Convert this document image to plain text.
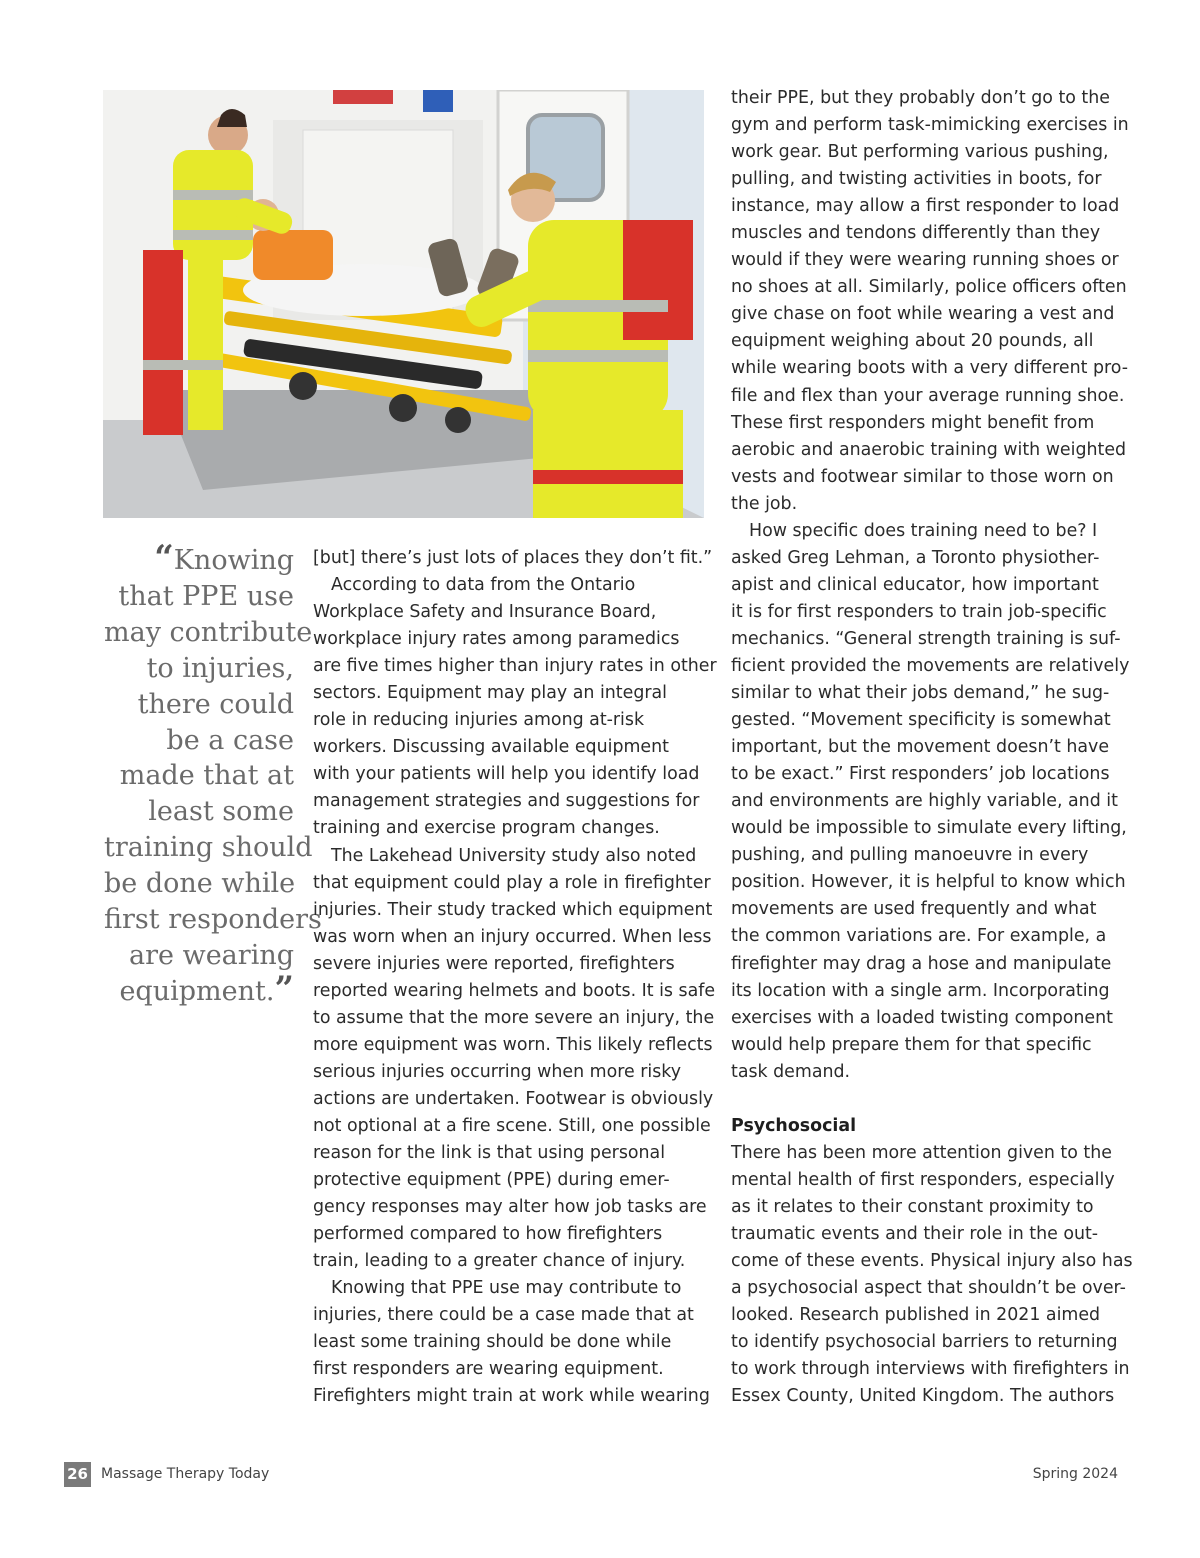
“Knowing
that PPE use
may contribute
to injuries,
there could
be a case
made that at
least some
training should
be done while
first responders
are wearing
equipment.”
[but] there’s just lots of places they don’t fit.”
According to data from the Ontario
Workplace Safety and Insurance Board,
workplace injury rates among paramedics
are five times higher than injury rates in other
sectors. Equipment may play an integral
role in reducing injuries among at-risk
workers. Discussing available equipment
with your patients will help you identify load
management strategies and suggestions for
training and exercise program changes.
The Lakehead University study also noted
that equipment could play a role in firefighter
injuries. Their study tracked which equipment
was worn when an injury occurred. When less
severe injuries were reported, firefighters
reported wearing helmets and boots. It is safe
to assume that the more severe an injury, the
more equipment was worn. This likely reflects
serious injuries occurring when more risky
actions are undertaken. Footwear is obviously
not optional at a fire scene. Still, one possible
reason for the link is that using personal
protective equipment (PPE) during emer-
gency responses may alter how job tasks are
performed compared to how firefighters
train, leading to a greater chance of injury.
Knowing that PPE use may contribute to
injuries, there could be a case made that at
least some training should be done while
first responders are wearing equipment.
Firefighters might train at work while wearing
their PPE, but they probably don’t go to the
gym and perform task-mimicking exercises in
work gear. But performing various pushing,
pulling, and twisting activities in boots, for
instance, may allow a first responder to load
muscles and tendons differently than they
would if they were wearing running shoes or
no shoes at all. Similarly, police officers often
give chase on foot while wearing a vest and
equipment weighing about 20 pounds, all
while wearing boots with a very different pro-
file and flex than your average running shoe.
These first responders might benefit from
aerobic and anaerobic training with weighted
vests and footwear similar to those worn on
the job.
How specific does training need to be? I
asked Greg Lehman, a Toronto physiother-
apist and clinical educator, how important
it is for first responders to train job-specific
mechanics. “General strength training is suf-
ficient provided the movements are relatively
similar to what their jobs demand,” he sug-
gested. “Movement specificity is somewhat
important, but the movement doesn’t have
to be exact.” First responders’ job locations
and environments are highly variable, and it
would be impossible to simulate every lifting,
pushing, and pulling manoeuvre in every
position. However, it is helpful to know which
movements are used frequently and what
the common variations are. For example, a
firefighter may drag a hose and manipulate
its location with a single arm. Incorporating
exercises with a loaded twisting component
would help prepare them for that specific
task demand.
Psychosocial
There has been more attention given to the
mental health of first responders, especially
as it relates to their constant proximity to
traumatic events and their role in the out-
come of these events. Physical injury also has
a psychosocial aspect that shouldn’t be over-
looked. Research published in 2021 aimed
to identify psychosocial barriers to returning
to work through interviews with firefighters in
Essex County, United Kingdom. The authors
26 Massage Therapy Today	Spring 2024
